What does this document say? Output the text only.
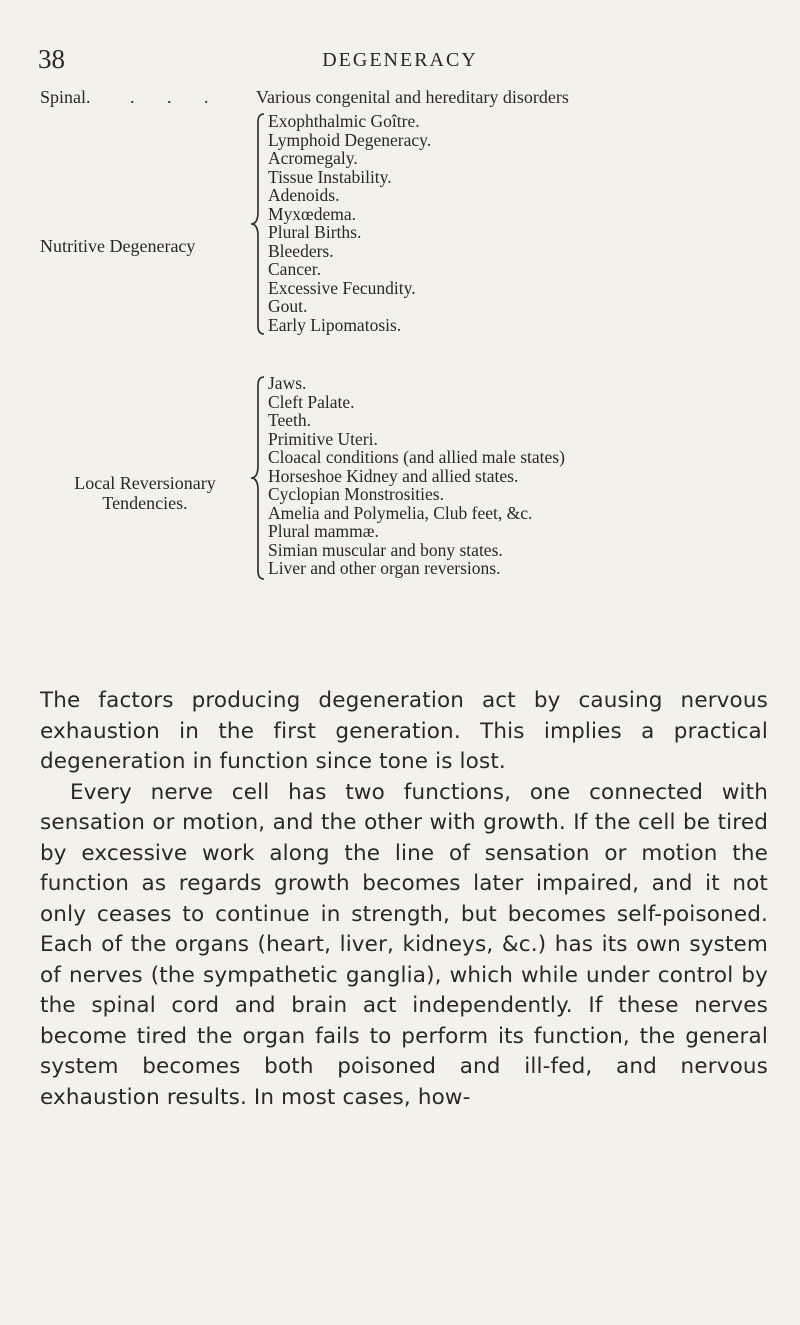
38	DEGENERACY
Spinal. . . . Various congenital and hereditary disorders
Nutritive Degeneracy
Exophthalmic Goître.
Lymphoid Degeneracy.
Acromegaly.
Tissue Instability.
Adenoids.
Myxœdema.
Plural Births.
Bleeders.
Cancer.
Excessive Fecundity.
Gout.
Early Lipomatosis.
Local Reversionary
Tendencies.
Jaws.
Cleft Palate.
Teeth.
Primitive Uteri.
Cloacal conditions (and allied male states)
Horseshoe Kidney and allied states.
Cyclopian Monstrosities.
Amelia and Polymelia, Club feet, &c.
Plural mammæ.
Simian muscular and bony states.
Liver and other organ reversions.

The factors producing degeneration act by causing nervous exhaustion in the first generation. This implies a practical degeneration in function since tone is lost.

Every nerve cell has two functions, one connected with sensation or motion, and the other with growth. If the cell be tired by excessive work along the line of sensation or motion the function as regards growth becomes later impaired, and it not only ceases to continue in strength, but becomes self-poisoned. Each of the organs (heart, liver, kidneys, &c.) has its own system of nerves (the sympathetic ganglia), which while under control by the spinal cord and brain act independently. If these nerves become tired the organ fails to perform its function, the general system becomes both poisoned and ill-fed, and nervous exhaustion results. In most cases, how-
